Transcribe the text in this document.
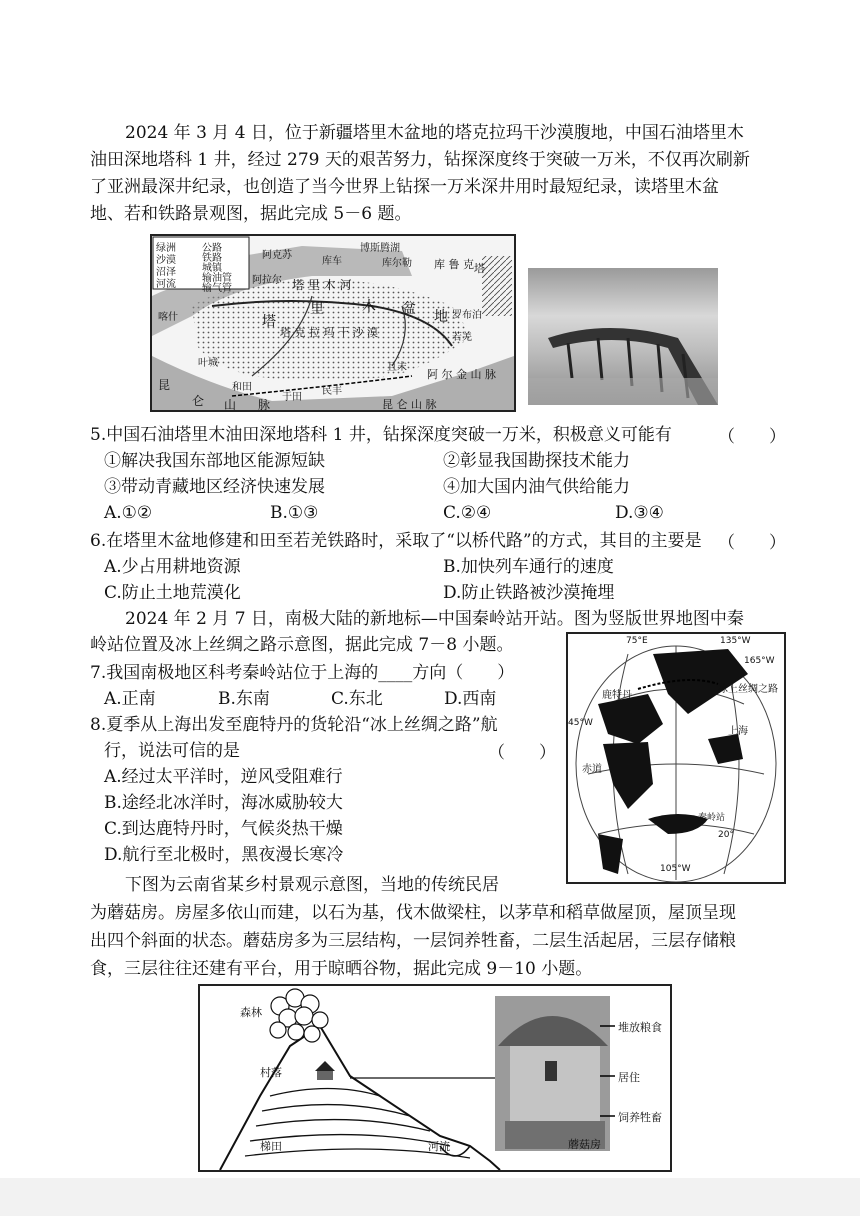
2024 年 3 月 4 日，位于新疆塔里木盆地的塔克拉玛干沙漠腹地，中国石油塔里木
油田深地塔科 1 井，经过 279 天的艰苦努力，钻探深度终于突破一万米，不仅再次刷新
了亚洲最深井纪录，也创造了当今世界上钻探一万米深井用时最短纪录，读塔里木盆
地、若和铁路景观图，据此完成 5－6 题。
绿洲
沙漠
沼泽
河流
公路
铁路
城镇
输油管
输气管
博斯腾湖
库尔勒 库 鲁 克 塔
阿拉尔
阿克苏
库车
塔 里 木 河
罗布泊
塔
里	木 盆 地
喀什
塔 克 拉 玛 干 沙 漠	若羌
叶城
和田
阿 尔 金 山 脉
昆
仑 山 脉
民丰
于田
且末
昆 仑 山 脉
5.中国石油塔里木油田深地塔科 1 井，钻探深度突破一万米，积极意义可能有	（　　）
①解决我国东部地区能源短缺	②彰显我国勘探技术能力
③带动青藏地区经济快速发展	④加大国内油气供给能力
A.①②	B.①③	C.②④	D.③④
6.在塔里木盆地修建和田至若羌铁路时，采取了“以桥代路”的方式，其目的主要是 （　　）
A.少占用耕地资源	B.加快列车通行的速度
C.防止土地荒漠化	D.防止铁路被沙漠掩埋
2024 年 2 月 7 日，南极大陆的新地标—中国秦岭站开站。图为竖版世界地图中秦
岭站位置及冰上丝绸之路示意图，据此完成 7－8 小题。	75°E	135°W
165°W
鹿特丹
冰上丝绸之路
45°W
上海
赤道
秦岭站
20°
105°W
7.我国南极地区科考秦岭站位于上海的____方向（　　）
A.正南	B.东南	C.东北	D.西南
8.夏季从上海出发至鹿特丹的货轮沿“冰上丝绸之路”航
行，说法可信的是	（　　）
A.经过太平洋时，逆风受阻难行
B.途经北冰洋时，海冰威胁较大
C.到达鹿特丹时，气候炎热干燥
D.航行至北极时，黑夜漫长寒冷
下图为云南省某乡村景观示意图，当地的传统民居
为蘑菇房。房屋多依山而建，以石为基，伐木做梁柱，以茅草和稻草做屋顶，屋顶呈现
出四个斜面的状态。蘑菇房多为三层结构，一层饲养牲畜，二层生活起居，三层存储粮
食，三层往往还建有平台，用于晾晒谷物，据此完成 9－10 小题。
森林
村落
梯田	河流
堆放粮食
居住
饲养牲畜
蘑菇房
